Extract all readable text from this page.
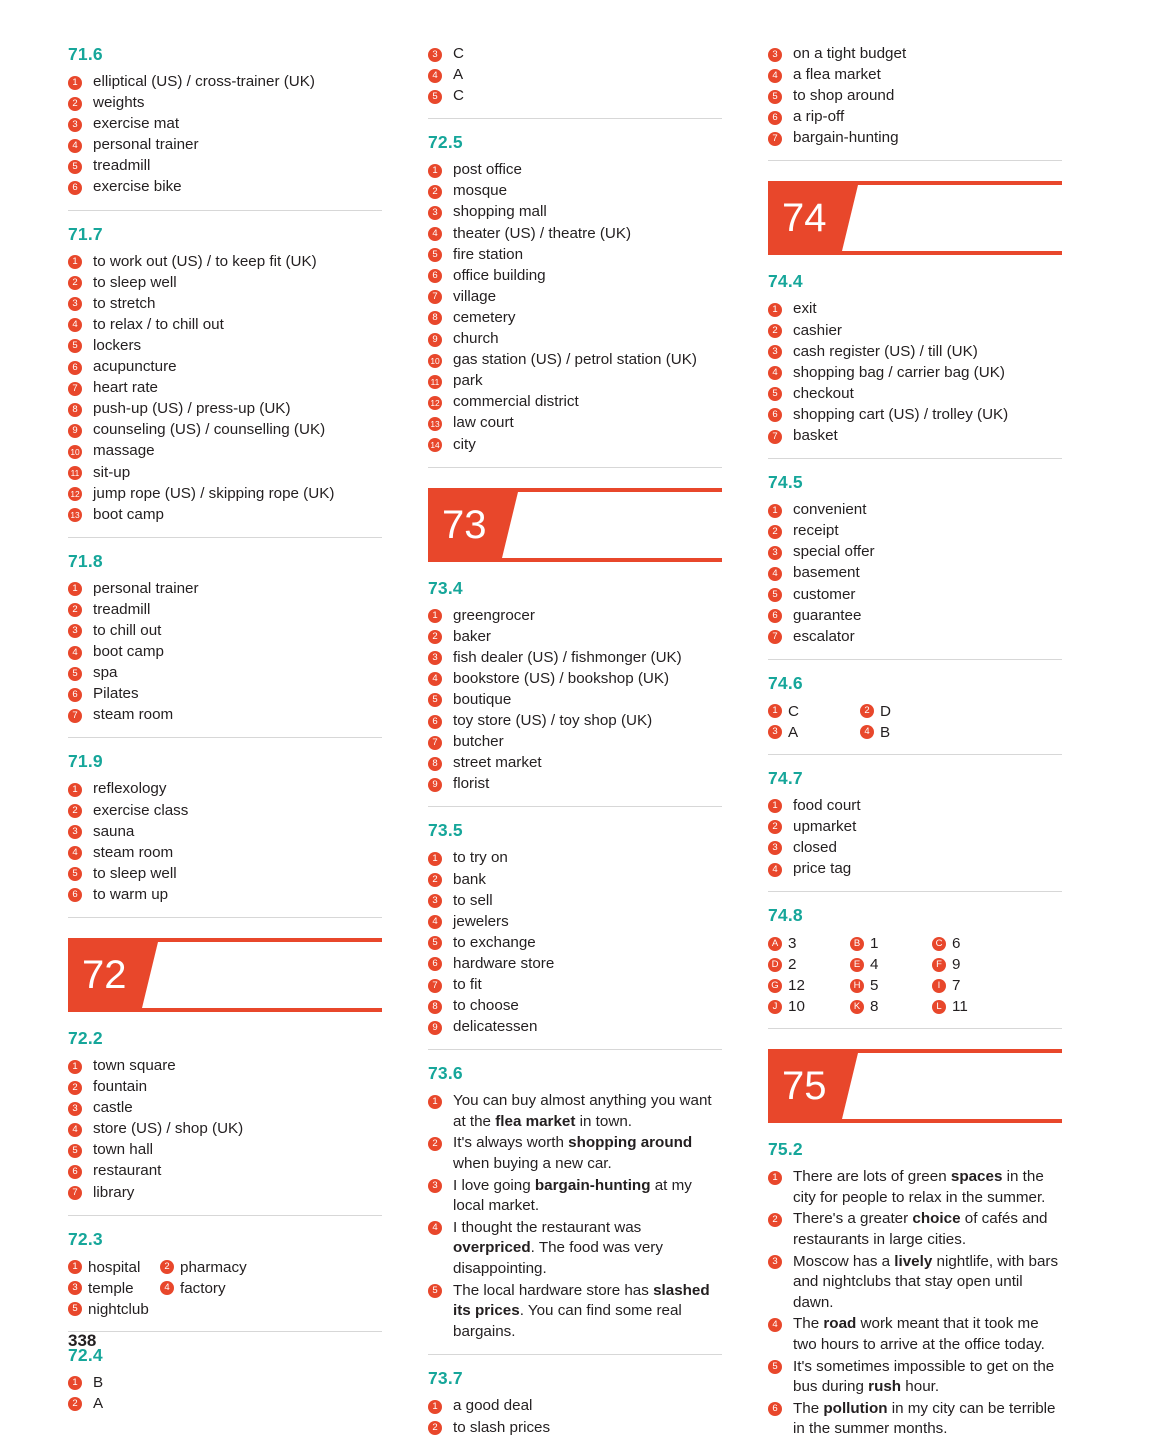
71.6
1 elliptical (US) / cross-trainer (UK)
2 weights
3 exercise mat
4 personal trainer
5 treadmill
6 exercise bike
71.7
1 to work out (US) / to keep fit (UK)
2 to sleep well
3 to stretch
4 to relax / to chill out
5 lockers
6 acupuncture
7 heart rate
8 push-up (US) / press-up (UK)
9 counseling (US) / counselling (UK)
10 massage
11 sit-up
12 jump rope (US) / skipping rope (UK)
13 boot camp
71.8
1 personal trainer
2 treadmill
3 to chill out
4 boot camp
5 spa
6 Pilates
7 steam room
71.9
1 reflexology
2 exercise class
3 sauna
4 steam room
5 to sleep well
6 to warm up
72
72.2
1 town square
2 fountain
3 castle
4 store (US) / shop (UK)
5 town hall
6 restaurant
7 library
72.3
1 hospital	2 pharmacy
3 temple	4 factory
5 nightclub
72.4
1 B
2 A
3 C
4 A
5 C
72.5
1 post office
2 mosque
3 shopping mall
4 theater (US) / theatre (UK)
5 fire station
6 office building
7 village
8 cemetery
9 church
10 gas station (US) / petrol station (UK)
11 park
12 commercial district
13 law court
14 city
73
73.4
1 greengrocer
2 baker
3 fish dealer (US) / fishmonger (UK)
4 bookstore (US) / bookshop (UK)
5 boutique
6 toy store (US) / toy shop (UK)
7 butcher
8 street market
9 florist
73.5
1 to try on
2 bank
3 to sell
4 jewelers
5 to exchange
6 hardware store
7 to fit
8 to choose
9 delicatessen
73.6
1 You can buy almost anything you want at the flea market in town.
2 It's always worth shopping around when buying a new car.
3 I love going bargain-hunting at my local market.
4 I thought the restaurant was overpriced. The food was very disappointing.
5 The local hardware store has slashed its prices. You can find some real bargains.
73.7
1 a good deal
2 to slash prices
3 on a tight budget
4 a flea market
5 to shop around
6 a rip-off
7 bargain-hunting
74
74.4
1 exit
2 cashier
3 cash register (US) / till (UK)
4 shopping bag / carrier bag (UK)
5 checkout
6 shopping cart (US) / trolley (UK)
7 basket
74.5
1 convenient
2 receipt
3 special offer
4 basement
5 customer
6 guarantee
7 escalator
74.6
1 C	2 D
3 A	4 B
74.7
1 food court
2 upmarket
3 closed
4 price tag
74.8
A 3	B 1	C 6
D 2	E 4	F 9
G 12	H 5	I 7
J 10	K 8	L 11
75
75.2
1 There are lots of green spaces in the city for people to relax in the summer.
2 There's a greater choice of cafés and restaurants in large cities.
3 Moscow has a lively nightlife, with bars and nightclubs that stay open until dawn.
4 The road work meant that it took me two hours to arrive at the office today.
5 It's sometimes impossible to get on the bus during rush hour.
6 The pollution in my city can be terrible in the summer months.
338
